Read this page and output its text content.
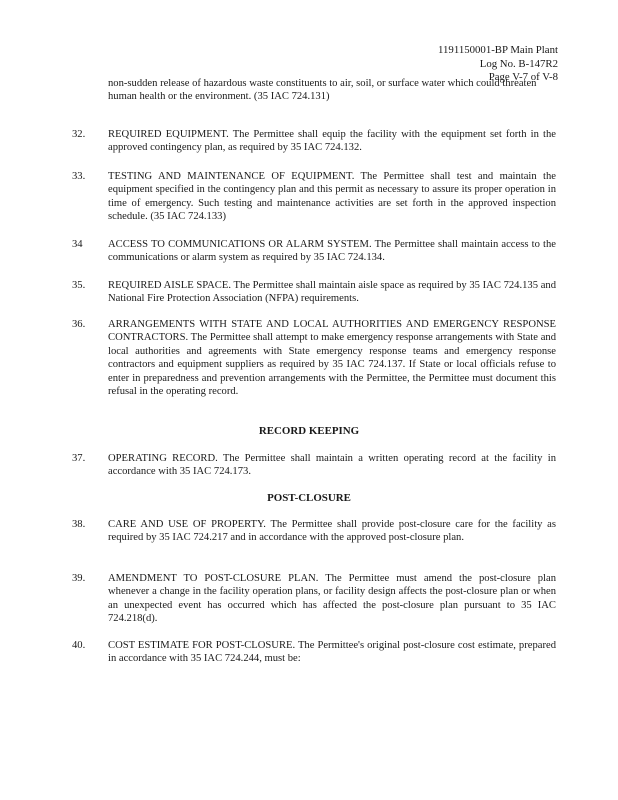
1191150001-BP Main Plant
Log No. B-147R2
Page V-7 of V-8
non-sudden release of hazardous waste constituents to air, soil, or surface water which could threaten human health or the environment. (35 IAC 724.131)
32.	REQUIRED EQUIPMENT. The Permittee shall equip the facility with the equipment set forth in the approved contingency plan, as required by 35 IAC 724.132.
33.	TESTING AND MAINTENANCE OF EQUIPMENT. The Permittee shall test and maintain the equipment specified in the contingency plan and this permit as necessary to assure its proper operation in time of emergency. Such testing and maintenance activities are set forth in the approved inspection schedule. (35 IAC 724.133)
34	ACCESS TO COMMUNICATIONS OR ALARM SYSTEM. The Permittee shall maintain access to the communications or alarm system as required by 35 IAC 724.134.
35.	REQUIRED AISLE SPACE. The Permittee shall maintain aisle space as required by 35 IAC 724.135 and National Fire Protection Association (NFPA) requirements.
36.	ARRANGEMENTS WITH STATE AND LOCAL AUTHORITIES AND EMERGENCY RESPONSE CONTRACTORS. The Permittee shall attempt to make emergency response arrangements with State and local authorities and agreements with State emergency response teams and emergency response contractors and equipment suppliers as required by 35 IAC 724.137. If State or local officials refuse to enter in preparedness and prevention arrangements with the Permittee, the Permittee must document this refusal in the operating record.
RECORD KEEPING
37.	OPERATING RECORD. The Permittee shall maintain a written operating record at the facility in accordance with 35 IAC 724.173.
POST-CLOSURE
38.	CARE AND USE OF PROPERTY. The Permittee shall provide post-closure care for the facility as required by 35 IAC 724.217 and in accordance with the approved post-closure plan.
39.	AMENDMENT TO POST-CLOSURE PLAN. The Permittee must amend the post-closure plan whenever a change in the facility operation plans, or facility design affects the post-closure plan or when an unexpected event has occurred which has affected the post-closure plan pursuant to 35 IAC 724.218(d).
40.	COST ESTIMATE FOR POST-CLOSURE. The Permittee's original post-closure cost estimate, prepared in accordance with 35 IAC 724.244, must be:
